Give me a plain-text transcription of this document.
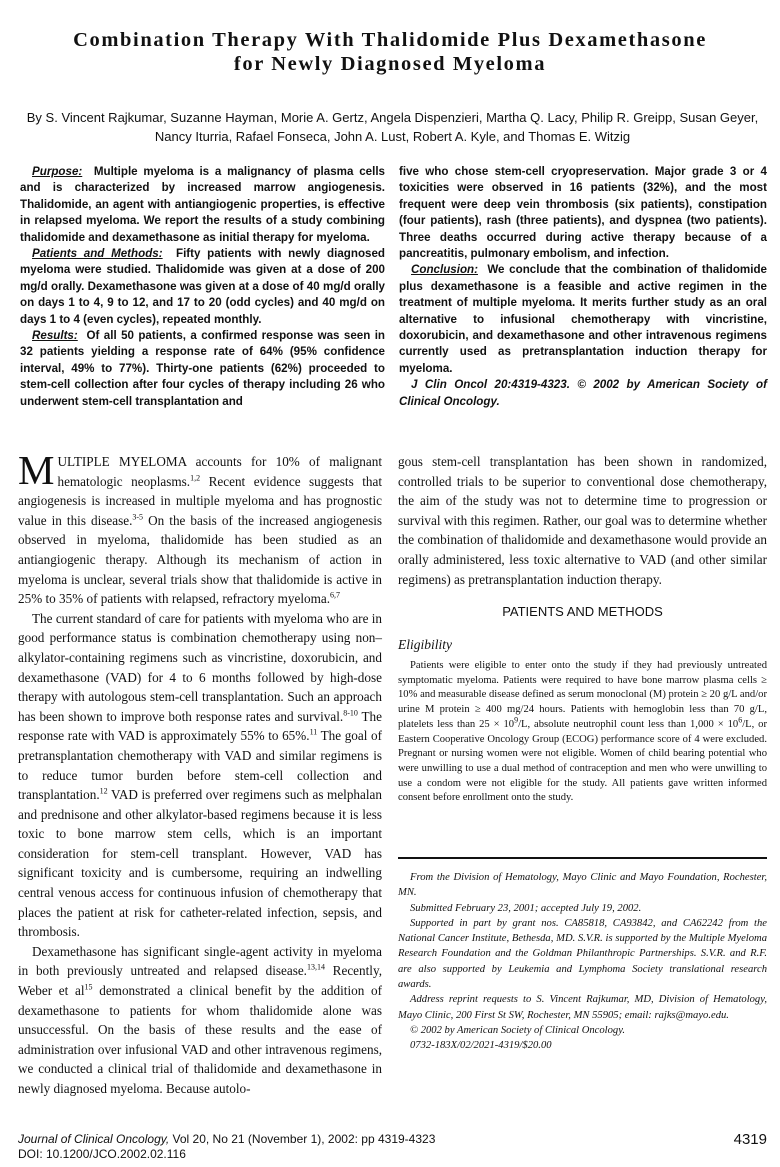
Combination Therapy With Thalidomide Plus Dexamethasone
for Newly Diagnosed Myeloma
By S. Vincent Rajkumar, Suzanne Hayman, Morie A. Gertz, Angela Dispenzieri, Martha Q. Lacy, Philip R. Greipp, Susan Geyer,
Nancy Iturria, Rafael Fonseca, John A. Lust, Robert A. Kyle, and Thomas E. Witzig

Purpose: Multiple myeloma is a malignancy of plasma cells and is characterized by increased marrow angiogenesis. Thalidomide, an agent with antiangiogenic properties, is effective in relapsed myeloma. We report the results of a study combining thalidomide and dexamethasone as initial therapy for myeloma.

Patients and Methods: Fifty patients with newly diagnosed myeloma were studied. Thalidomide was given at a dose of 200 mg/d orally. Dexamethasone was given at a dose of 40 mg/d orally on days 1 to 4, 9 to 12, and 17 to 20 (odd cycles) and 40 mg/d on days 1 to 4 (even cycles), repeated monthly.

Results: Of all 50 patients, a confirmed response was seen in 32 patients yielding a response rate of 64% (95% confidence interval, 49% to 77%). Thirty-one patients (62%) proceeded to stem-cell collection after four cycles of therapy including 26 who underwent stem-cell transplantation and

five who chose stem-cell cryopreservation. Major grade 3 or 4 toxicities were observed in 16 patients (32%), and the most frequent were deep vein thrombosis (six patients), constipation (four patients), rash (three patients), and dyspnea (two patients). Three deaths occurred during active therapy because of a pancreatitis, pulmonary embolism, and infection.

Conclusion: We conclude that the combination of thalidomide plus dexamethasone is a feasible and active regimen in the treatment of multiple myeloma. It merits further study as an oral alternative to infusional chemotherapy with vincristine, doxorubicin, and dexamethasone and other intravenous regimens currently used as pretransplantation induction therapy for myeloma.

J Clin Oncol 20:4319-4323. © 2002 by American Society of Clinical Oncology.

MULTIPLE MYELOMA accounts for 10% of malignant hematologic neoplasms.$^{1,2}$ Recent evidence suggests that angiogenesis is increased in multiple myeloma and has prognostic value in this disease.$^{3-5}$ On the basis of the increased angiogenesis observed in myeloma, thalidomide has been studied as an antiangiogenic therapy. Although its mechanism of action in myeloma is unclear, several trials show that thalidomide is active in 25% to 35% of patients with relapsed, refractory myeloma.$^{6,7}$

The current standard of care for patients with myeloma who are in good performance status is combination chemotherapy using non–alkylator-containing regimens such as vincristine, doxorubicin, and dexamethasone (VAD) for 4 to 6 months followed by high-dose therapy with autologous stem-cell transplantation. Such an approach has been shown to improve both response rates and survival.$^{8-10}$ The response rate with VAD is approximately 55% to 65%.$^{11}$ The goal of pretransplantation chemotherapy with VAD and similar regimens is to reduce tumor burden before stem-cell collection and transplantation.$^{12}$ VAD is preferred over regimens such as melphalan and prednisone and other alkylator-based regimens because it is less toxic to bone marrow stem cells, which is an important consideration for stem-cell transplant. However, VAD has significant toxicity and is cumbersome, requiring an indwelling central venous access for continuous infusion of chemotherapy that places the patient at risk for catheter-related infection, sepsis, and thrombosis.

Dexamethasone has significant single-agent activity in myeloma in both previously untreated and relapsed disease.$^{13,14}$ Recently, Weber et $al^{15}$ demonstrated a clinical benefit by the addition of dexamethasone to patients for whom thalidomide alone was unsuccessful. On the basis of these results and the ease of administration over infusional VAD and other intravenous regimens, we conducted a clinical trial of thalidomide and dexamethasone in newly diagnosed myeloma. Because autolo-

gous stem-cell transplantation has been shown in randomized, controlled trials to be superior to conventional dose chemotherapy, the aim of the study was not to determine time to progression or survival with this regimen. Rather, our goal was to determine whether the combination of thalidomide and dexamethasone would provide an orally administered, less toxic alternative to VAD (and other similar regimens) as pretransplantation induction therapy.

PATIENTS AND METHODS
Eligibility

Patients were eligible to enter onto the study if they had previously untreated symptomatic myeloma. Patients were required to have bone marrow plasma cells ≥ 10% and measurable disease defined as serum monoclonal (M) protein ≥ 20 g/L and/or urine M protein ≥ 400 mg/24 hours. Patients with hemoglobin less than 70 g/L, platelets less than $25 \times 10^9/L$, absolute neutrophil count less than $1,000 \times 10^6/L$, or Eastern Cooperative Oncology Group (ECOG) performance score of 4 were excluded. Pregnant or nursing women were not eligible. Women of child bearing potential who were unwilling to use a dual method of contraception and men who were unwilling to use a condom were not eligible for the study. All patients gave written informed consent before enrollment onto the study.

From the Division of Hematology, Mayo Clinic and Mayo Foundation, Rochester, MN.

Submitted February 23, 2001; accepted July 19, 2002.

Supported in part by grant nos. CA85818, CA93842, and CA62242 from the National Cancer Institute, Bethesda, MD. S.V.R. is supported by the Multiple Myeloma Research Foundation and the Goldman Philanthropic Partnerships. S.V.R. and R.F. are also supported by Leukemia and Lymphoma Society translational research awards.

Address reprint requests to S. Vincent Rajkumar, MD, Division of Hematology, Mayo Clinic, 200 First St SW, Rochester, MN 55905; email: rajks@mayo.edu.

© 2002 by American Society of Clinical Oncology.

0732-183X/02/2021-4319/$20.00

Journal of Clinical Oncology, Vol 20, No 21 (November 1), 2002: pp 4319-4323
DOI: 10.1200/JCO.2002.02.116
4319
